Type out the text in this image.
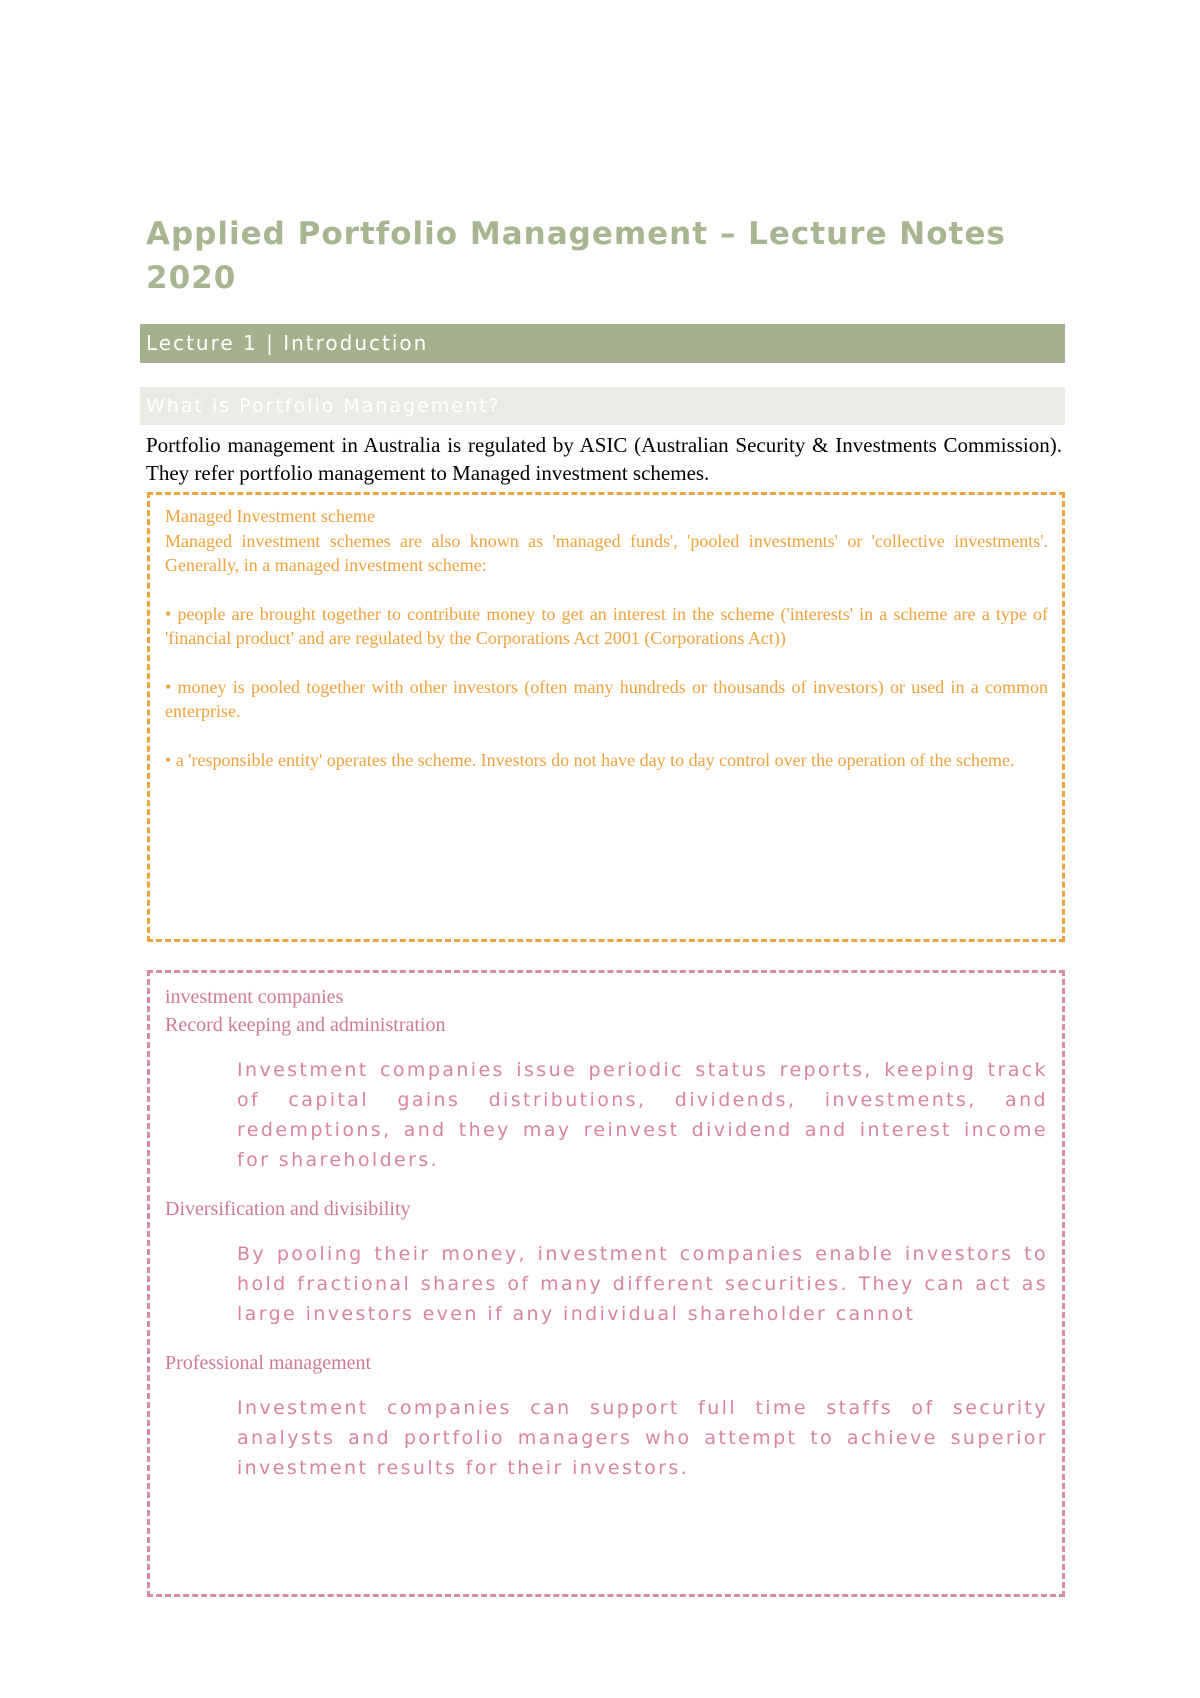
Applied Portfolio Management – Lecture Notes 2020
Lecture 1 | Introduction
What is Portfolio Management?

Portfolio management in Australia is regulated by ASIC (Australian Security & Investments Commission). They refer portfolio management to Managed investment schemes.

Managed Investment scheme

Managed investment schemes are also known as 'managed funds', 'pooled investments' or 'collective investments'. Generally, in a managed investment scheme:

• people are brought together to contribute money to get an interest in the scheme ('interests' in a scheme are a type of 'financial product' and are regulated by the Corporations Act 2001 (Corporations Act))

• money is pooled together with other investors (often many hundreds or thousands of investors) or used in a common enterprise.

• a 'responsible entity' operates the scheme. Investors do not have day to day control over the operation of the scheme.

investment companies

Record keeping and administration

Investment companies issue periodic status reports, keeping track of capital gains distributions, dividends, investments, and redemptions, and they may reinvest dividend and interest income for shareholders.

Diversification and divisibility

By pooling their money, investment companies enable investors to hold fractional shares of many different securities. They can act as large investors even if any individual shareholder cannot

Professional management

Investment companies can support full time staffs of security analysts and portfolio managers who attempt to achieve superior investment results for their investors.
